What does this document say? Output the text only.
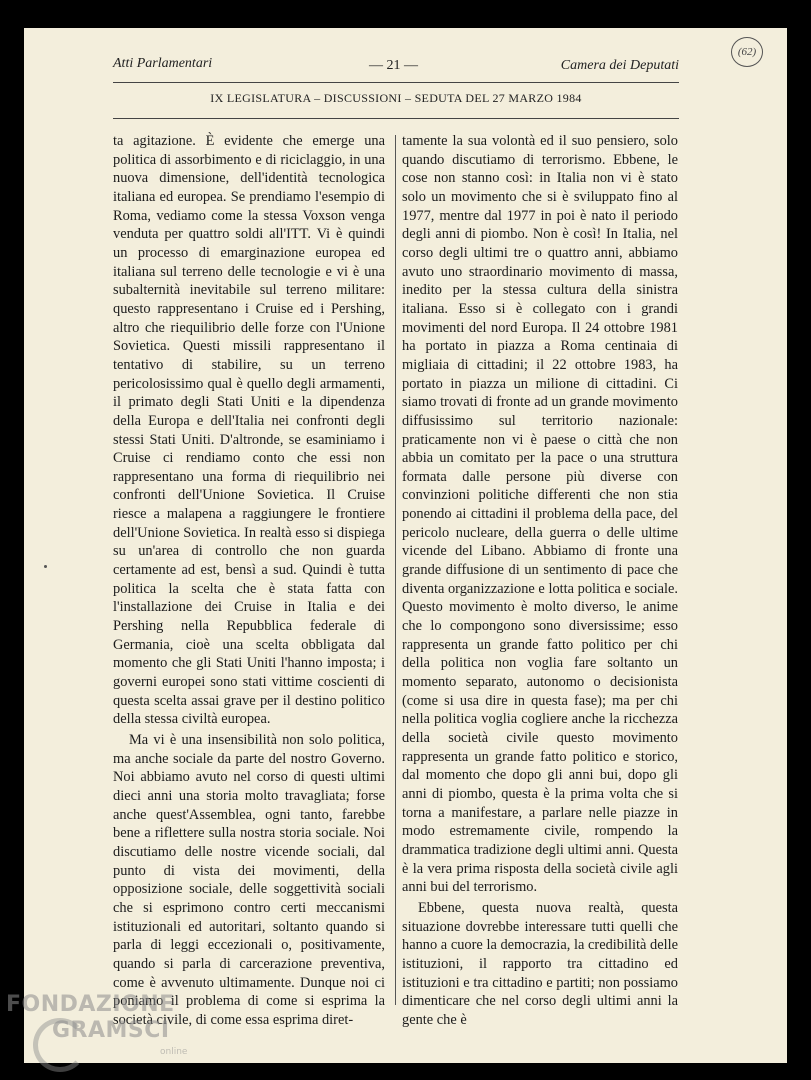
Atti Parlamentari	— 21 —	Camera dei Deputati
(62)
IX LEGISLATURA – DISCUSSIONI – SEDUTA DEL 27 MARZO 1984

ta agitazione. È evidente che emerge una politica di assorbimento e di riciclaggio, in una nuova dimensione, dell'identità tecnologica italiana ed europea. Se prendiamo l'esempio di Roma, vediamo come la stessa Voxson venga venduta per quattro soldi all'ITT. Vi è quindi un processo di emarginazione europea ed italiana sul terreno delle tecnologie e vi è una subalternità inevitabile sul terreno militare: questo rappresentano i Cruise ed i Pershing, altro che riequilibrio delle forze con l'Unione Sovietica. Questi missili rappresentano il tentativo di stabilire, su un terreno pericolosissimo qual è quello degli armamenti, il primato degli Stati Uniti e la dipendenza della Europa e dell'Italia nei confronti degli stessi Stati Uniti. D'altronde, se esaminiamo i Cruise ci rendiamo conto che essi non rappresentano una forma di riequilibrio nei confronti dell'Unione Sovietica. Il Cruise riesce a malapena a raggiungere le frontiere dell'Unione Sovietica. In realtà esso si dispiega su un'area di controllo che non guarda certamente ad est, bensì a sud. Quindi è tutta politica la scelta che è stata fatta con l'installazione dei Cruise in Italia e dei Pershing nella Repubblica federale di Germania, cioè una scelta obbligata dal momento che gli Stati Uniti l'hanno imposta; i governi europei sono stati vittime coscienti di questa scelta assai grave per il destino politico della stessa civiltà europea.

Ma vi è una insensibilità non solo politica, ma anche sociale da parte del nostro Governo. Noi abbiamo avuto nel corso di questi ultimi dieci anni una storia molto travagliata; forse anche quest'Assemblea, ogni tanto, farebbe bene a riflettere sulla nostra storia sociale. Noi discutiamo delle nostre vicende sociali, dal punto di vista dei movimenti, della opposizione sociale, delle soggettività sociali che si esprimono contro certi meccanismi istituzionali ed autoritari, soltanto quando si parla di leggi eccezionali o, positivamente, quando si parla di carcerazione preventiva, come è avvenuto ultimamente. Dunque noi ci poniamo il problema di come si esprima la società civile, di come essa esprima diret-

tamente la sua volontà ed il suo pensiero, solo quando discutiamo di terrorismo. Ebbene, le cose non stanno così: in Italia non vi è stato solo un movimento che si è sviluppato fino al 1977, mentre dal 1977 in poi è nato il periodo degli anni di piombo. Non è così! In Italia, nel corso degli ultimi tre o quattro anni, abbiamo avuto uno straordinario movimento di massa, inedito per la stessa cultura della sinistra italiana. Esso si è collegato con i grandi movimenti del nord Europa. Il 24 ottobre 1981 ha portato in piazza a Roma centinaia di migliaia di cittadini; il 22 ottobre 1983, ha portato in piazza un milione di cittadini. Ci siamo trovati di fronte ad un grande movimento diffusissimo sul territorio nazionale: praticamente non vi è paese o città che non abbia un comitato per la pace o una struttura formata dalle persone più diverse con convinzioni politiche differenti che non stia ponendo ai cittadini il problema della pace, del pericolo nucleare, della guerra o delle ultime vicende del Libano. Abbiamo di fronte una grande diffusione di un sentimento di pace che diventa organizzazione e lotta politica e sociale. Questo movimento è molto diverso, le anime che lo compongono sono diversissime; esso rappresenta un grande fatto politico per chi della politica non voglia fare soltanto un momento separato, autonomo o decisionista (come si usa dire in questa fase); ma per chi nella politica voglia cogliere anche la ricchezza della società civile questo movimento rappresenta un grande fatto politico e storico, dal momento che dopo gli anni bui, dopo gli anni di piombo, questa è la prima volta che si torna a manifestare, a parlare nelle piazze in modo estremamente civile, rompendo la drammatica tradizione degli ultimi anni. Questa è la vera prima risposta della società civile agli anni bui del terrorismo.

Ebbene, questa nuova realtà, questa situazione dovrebbe interessare tutti quelli che hanno a cuore la democrazia, la credibilità delle istituzioni, il rapporto tra cittadino ed istituzioni e tra cittadino e partiti; non possiamo dimenticare che nel corso degli ultimi anni la gente che è

FONDAZIONE
GRAMSCI
online
